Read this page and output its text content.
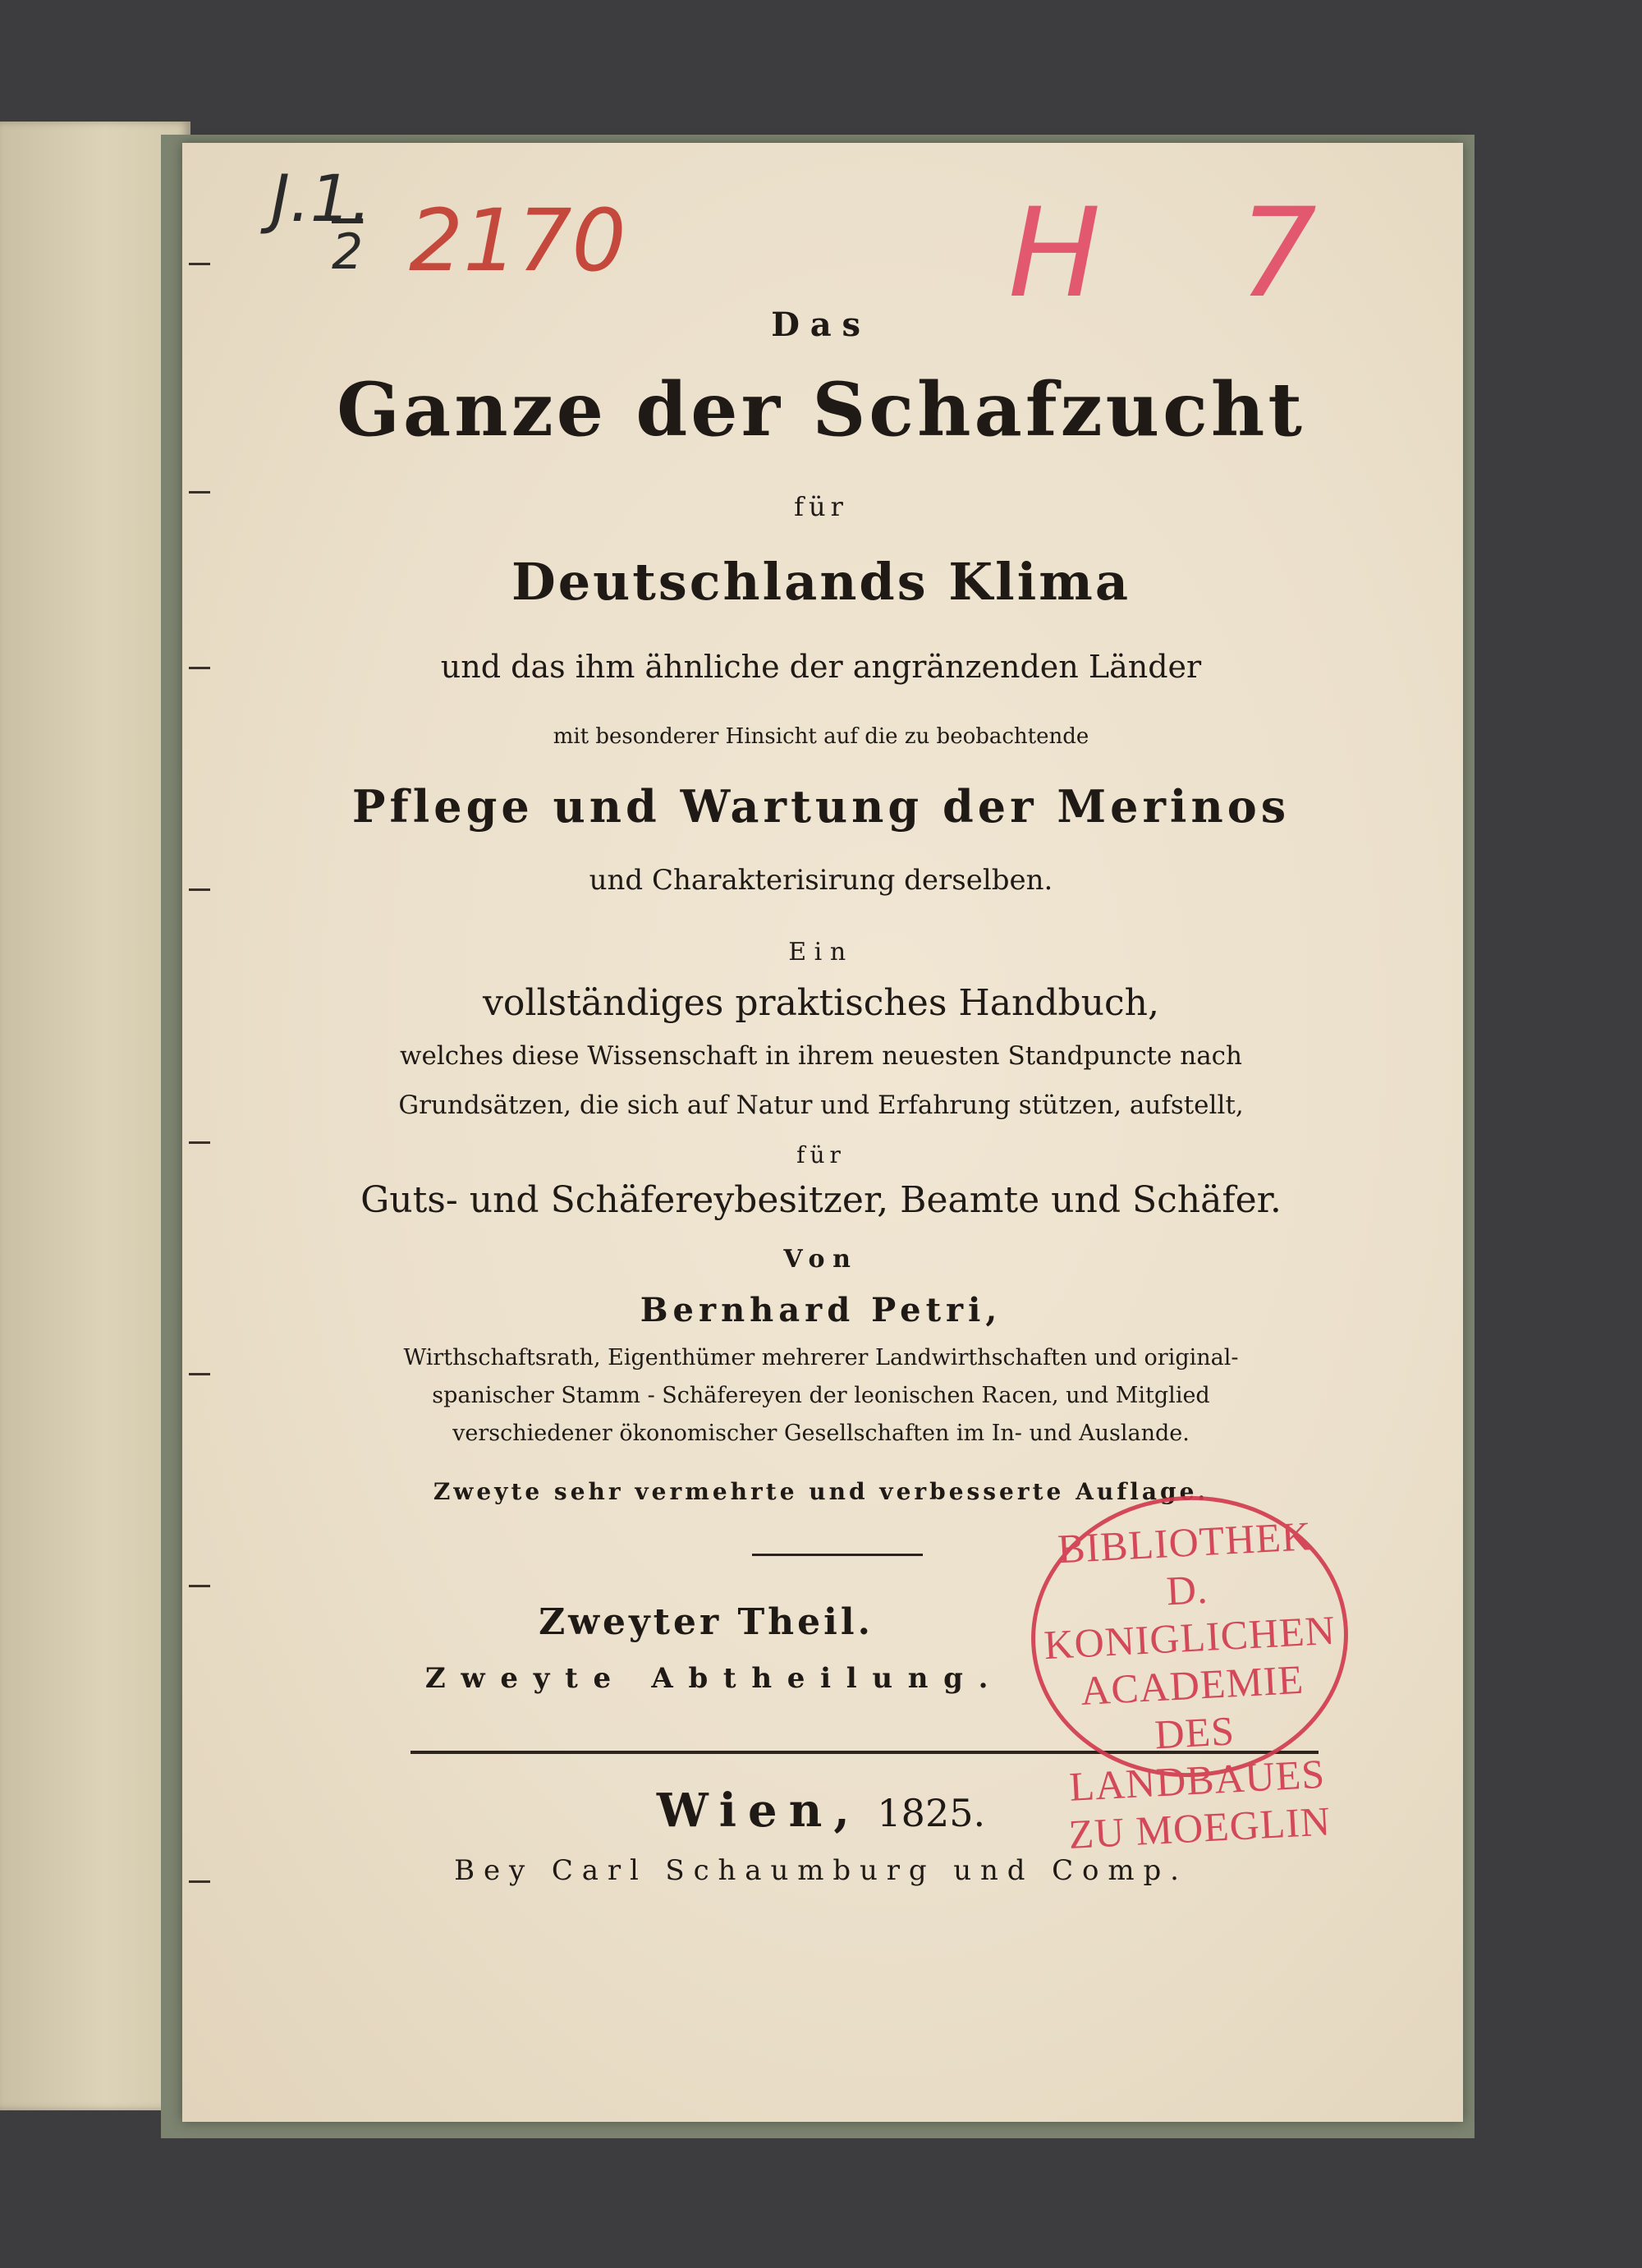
J.1.

2 2170	H 7

Das

Ganze der Schafzucht

für

Deutschlands Klima

und das ihm ähnliche der angränzenden Länder

mit besonderer Hinsicht auf die zu beobachtende

Pflege und Wartung der Merinos

und Charakterisirung derselben.

Ein

vollständiges praktisches Handbuch,

welches diese Wissenschaft in ihrem neuesten Standpuncte nach

Grundsätzen, die sich auf Natur und Erfahrung stützen, aufstellt,

für

Guts- und Schäfereybesitzer, Beamte und Schäfer.

Von

Bernhard Petri,

Wirthschaftsrath, Eigenthümer mehrerer Landwirthschaften und original-

spanischer Stamm - Schäfereyen der leonischen Racen, und Mitglied

verschiedener ökonomischer Gesellschaften im In- und Auslande.

Zweyte sehr vermehrte und verbesserte Auflage.

Zweyter Theil.

Zweyte Abtheilung.

Wien, 1825.

Bey Carl Schaumburg und Comp.

BIBLIOTHEK

D. KONIGLICHEN

ACADEMIE

DES LANDBAUES

ZU MOEGLIN
